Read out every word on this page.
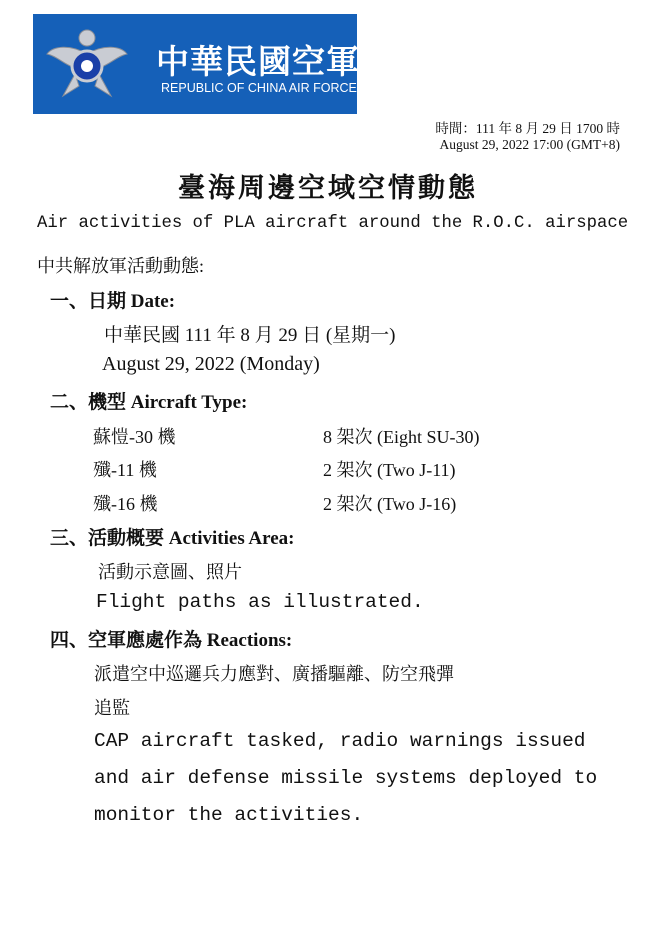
中華民國空軍
REPUBLIC OF CHINA AIR FORCE
時間：111 年 8 月 29 日 1700 時
August 29, 2022 17:00 (GMT+8)
臺海周邊空域空情動態
Air activities of PLA aircraft around the R.O.C. airspace
中共解放軍活動動態:
一、日期 Date:
中華民國 111 年 8 月 29 日 (星期一)
August 29, 2022 (Monday)
二、機型 Aircraft Type:
蘇愷-30 機	8 架次 (Eight SU-30)
殲-11 機	2 架次 (Two J-11)
殲-16 機	2 架次 (Two J-16)
三、活動概要 Activities Area:
活動示意圖、照片
Flight paths as illustrated.
四、空軍應處作為 Reactions:
派遣空中巡邏兵力應對、廣播驅離、防空飛彈
追監
CAP aircraft tasked, radio warnings issued
and air defense missile systems deployed to
monitor the activities.
